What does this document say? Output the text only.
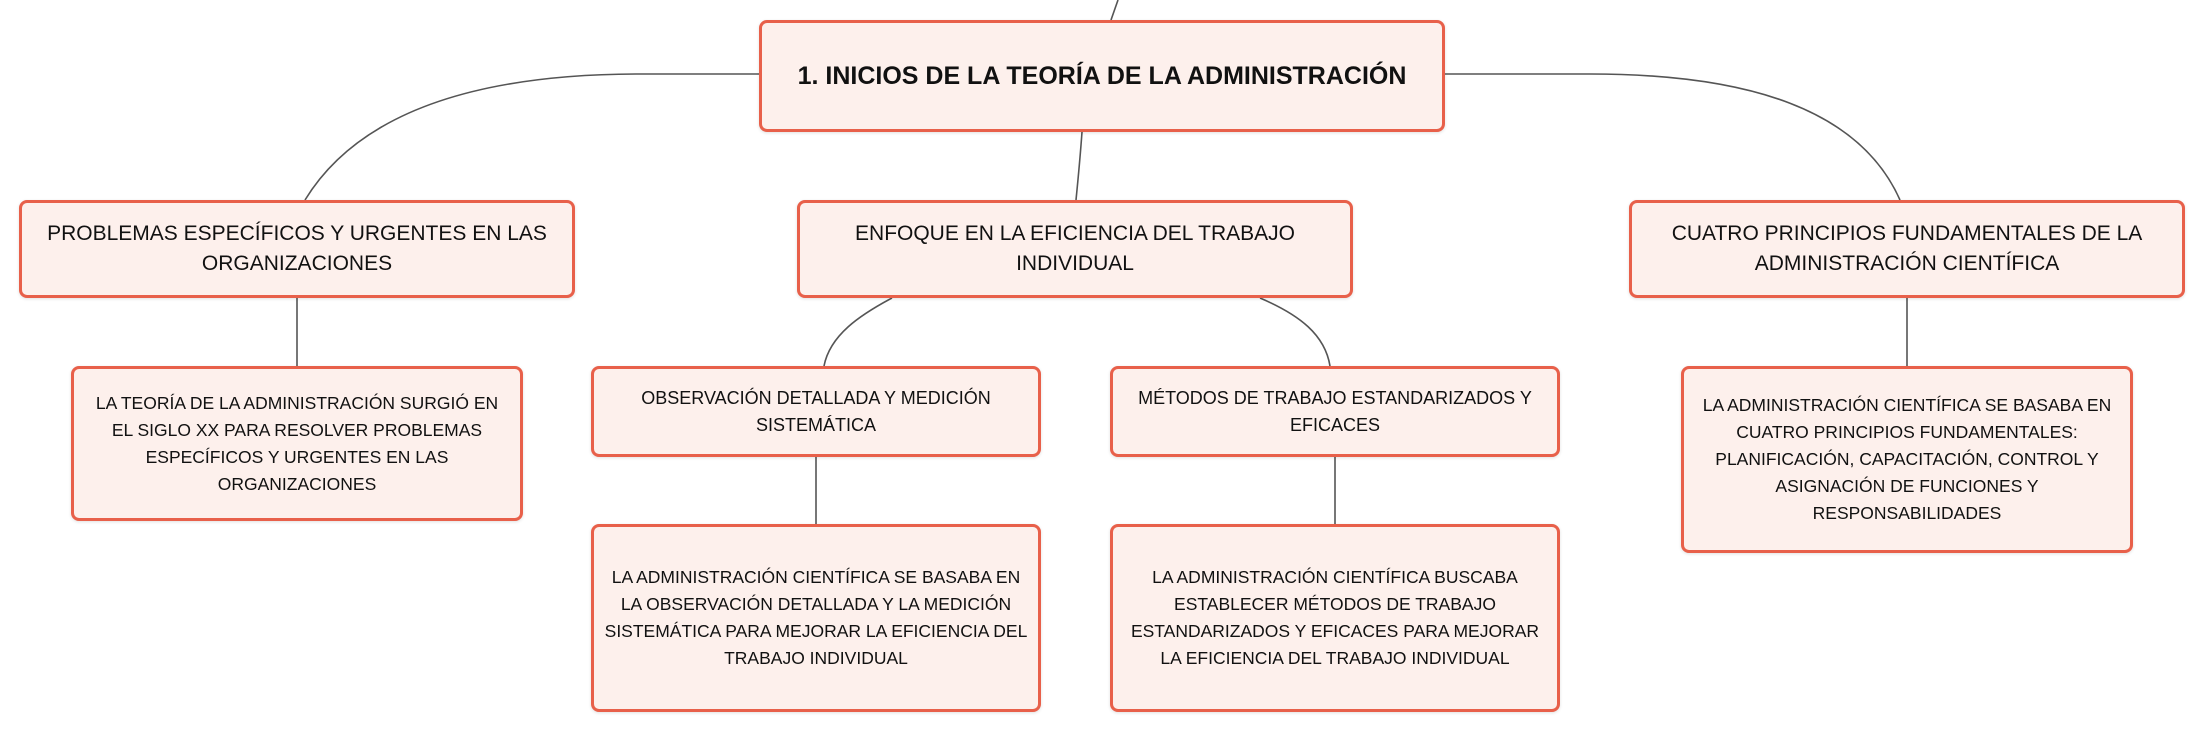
1. INICIOS DE LA TEORÍA DE LA ADMINISTRACIÓN
PROBLEMAS ESPECÍFICOS Y URGENTES EN LAS ORGANIZACIONES
ENFOQUE EN LA EFICIENCIA DEL TRABAJO INDIVIDUAL
CUATRO PRINCIPIOS FUNDAMENTALES DE LA ADMINISTRACIÓN CIENTÍFICA
OBSERVACIÓN DETALLADA Y MEDICIÓN SISTEMÁTICA
MÉTODOS DE TRABAJO ESTANDARIZADOS Y EFICACES
LA TEORÍA DE LA ADMINISTRACIÓN SURGIÓ EN EL SIGLO XX PARA RESOLVER PROBLEMAS ESPECÍFICOS Y URGENTES EN LAS ORGANIZACIONES
LA ADMINISTRACIÓN CIENTÍFICA SE BASABA EN LA OBSERVACIÓN DETALLADA Y LA MEDICIÓN SISTEMÁTICA PARA MEJORAR LA EFICIENCIA DEL TRABAJO INDIVIDUAL
LA ADMINISTRACIÓN CIENTÍFICA BUSCABA ESTABLECER MÉTODOS DE TRABAJO ESTANDARIZADOS Y EFICACES PARA MEJORAR LA EFICIENCIA DEL TRABAJO INDIVIDUAL
LA ADMINISTRACIÓN CIENTÍFICA SE BASABA EN CUATRO PRINCIPIOS FUNDAMENTALES: PLANIFICACIÓN, CAPACITACIÓN, CONTROL Y ASIGNACIÓN DE FUNCIONES Y RESPONSABILIDADES
